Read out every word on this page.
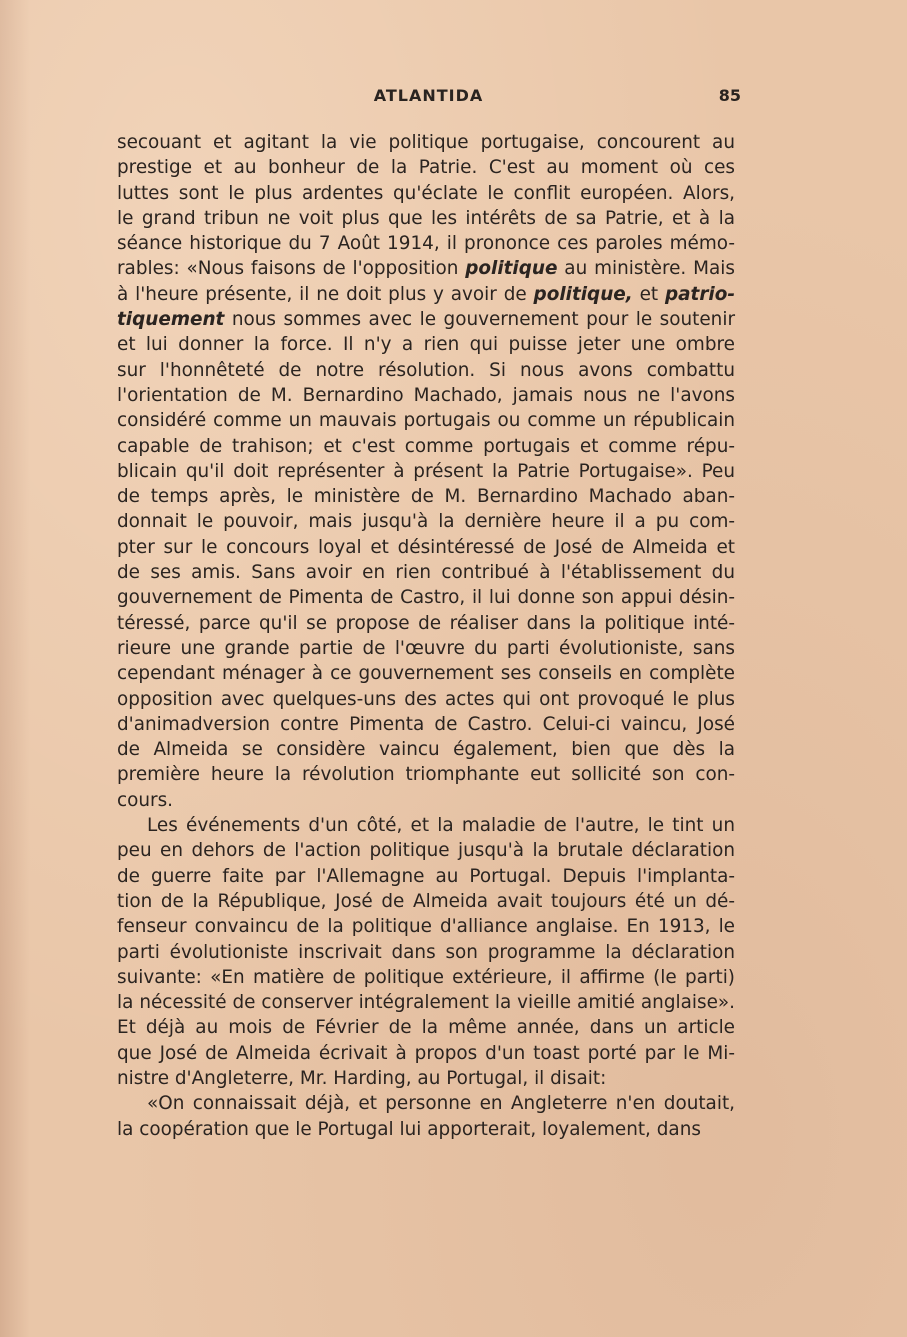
ATLANTIDA	85
secouant et agitant la vie politique portugaise, concourent au
prestige et au bonheur de la Patrie. C'est au moment où ces
luttes sont le plus ardentes qu'éclate le conflit européen. Alors,
le grand tribun ne voit plus que les intérêts de sa Patrie, et à la
séance historique du 7 Août 1914, il prononce ces paroles mémo-
rables: «Nous faisons de l'opposition politique au ministère. Mais
à l'heure présente, il ne doit plus y avoir de politique, et patrio-
tiquement nous sommes avec le gouvernement pour le soutenir
et lui donner la force. Il n'y a rien qui puisse jeter une ombre
sur l'honnêteté de notre résolution. Si nous avons combattu
l'orientation de M. Bernardino Machado, jamais nous ne l'avons
considéré comme un mauvais portugais ou comme un républicain
capable de trahison; et c'est comme portugais et comme répu-
blicain qu'il doit représenter à présent la Patrie Portugaise». Peu
de temps après, le ministère de M. Bernardino Machado aban-
donnait le pouvoir, mais jusqu'à la dernière heure il a pu com-
pter sur le concours loyal et désintéressé de José de Almeida et
de ses amis. Sans avoir en rien contribué à l'établissement du
gouvernement de Pimenta de Castro, il lui donne son appui désin-
téressé, parce qu'il se propose de réaliser dans la politique inté-
rieure une grande partie de l'œuvre du parti évolutioniste, sans
cependant ménager à ce gouvernement ses conseils en complète
opposition avec quelques-uns des actes qui ont provoqué le plus
d'animadversion contre Pimenta de Castro. Celui-ci vaincu, José
de Almeida se considère vaincu également, bien que dès la
première heure la révolution triomphante eut sollicité son con-
cours.
Les événements d'un côté, et la maladie de l'autre, le tint un
peu en dehors de l'action politique jusqu'à la brutale déclaration
de guerre faite par l'Allemagne au Portugal. Depuis l'implanta-
tion de la République, José de Almeida avait toujours été un dé-
fenseur convaincu de la politique d'alliance anglaise. En 1913, le
parti évolutioniste inscrivait dans son programme la déclaration
suivante: «En matière de politique extérieure, il affirme (le parti)
la nécessité de conserver intégralement la vieille amitié anglaise».
Et déjà au mois de Février de la même année, dans un article
que José de Almeida écrivait à propos d'un toast porté par le Mi-
nistre d'Angleterre, Mr. Harding, au Portugal, il disait:
«On connaissait déjà, et personne en Angleterre n'en doutait,
la coopération que le Portugal lui apporterait, loyalement, dans
